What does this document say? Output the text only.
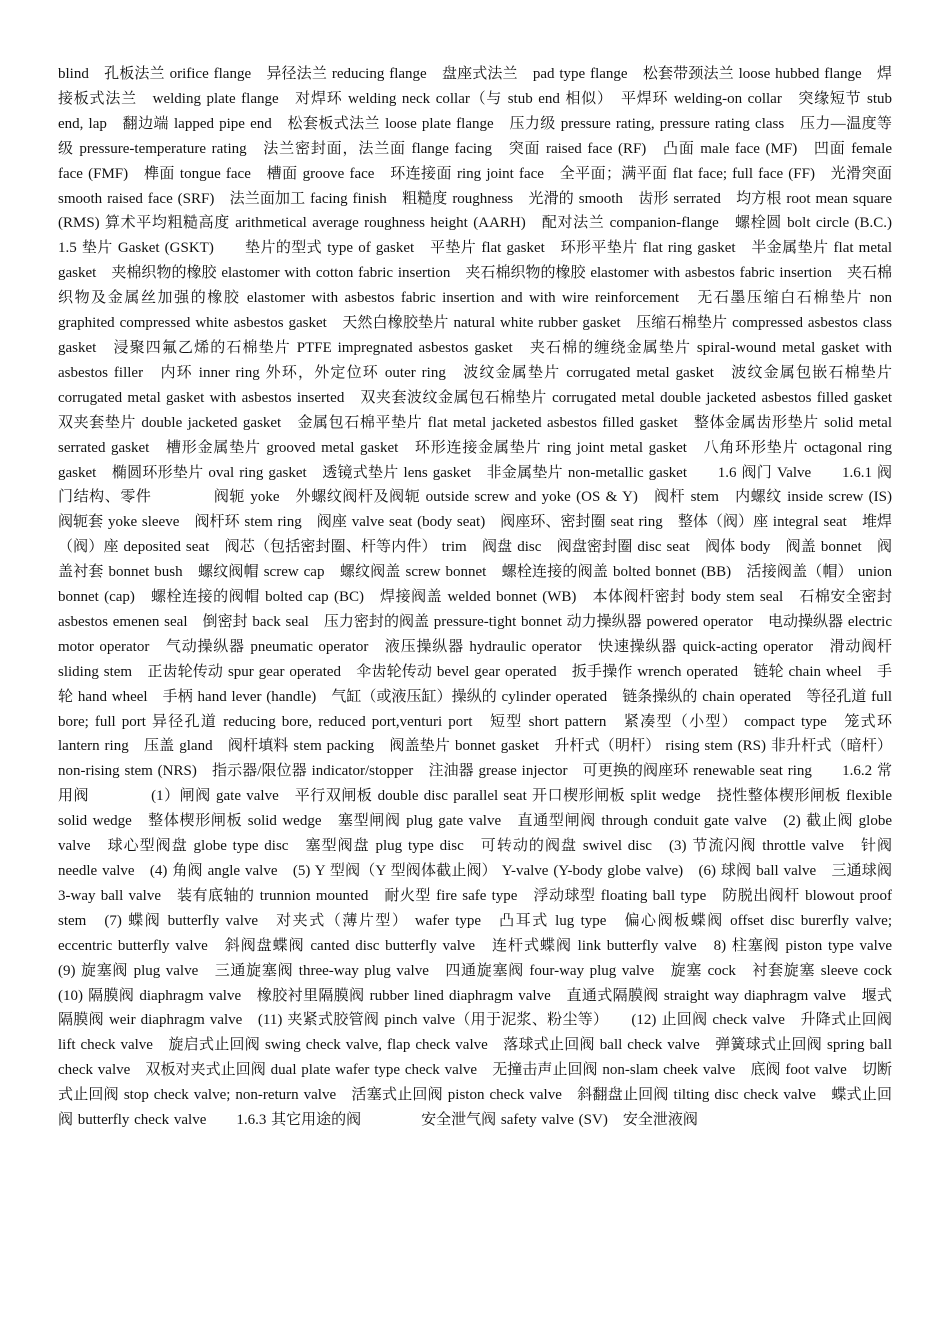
blind　孔板法兰 orifice flange　异径法兰 reducing flange　盘座式法兰　pad type flange　松套带颈法兰 loose hubbed flange　焊接板式法兰　welding plate flange　对焊环 welding neck collar（与 stub end 相似）　平焊环 welding-on collar　突缘短节 stub end, lap　翻边端 lapped pipe end　松套板式法兰 loose plate flange　压力级 pressure rating, pressure rating class　压力—温度等级 pressure-temperature rating　法兰密封面，法兰面 flange facing　突面 raised face (RF)　凸面 male face (MF)　凹面 female face (FMF)　榫面 tongue face　槽面 groove face　环连接面 ring joint face　全平面；满平面 flat face; full face (FF)　光滑突面 smooth raised face (SRF)　法兰面加工 facing finish　粗糙度 roughness　光滑的 smooth　齿形 serrated　均方根 root mean square (RMS) 算术平均粗糙高度 arithmetical average roughness height (AARH)　配对法兰 companion-flange　螺栓圆 bolt circle (B.C.)　　1.5 垫片 Gasket (GSKT)　　垫片的型式 type of gasket　平垫片 flat gasket　环形平垫片 flat ring gasket　半金属垫片 flat metal gasket　夹棉织物的橡胶 elastomer with cotton fabric insertion　夹石棉织物的橡胶 elastomer with asbestos fabric insertion　夹石棉织物及金属丝加强的橡胶 elastomer with asbestos fabric insertion and with wire reinforcement　无石墨压缩白石棉垫片 non graphited compressed white asbestos gasket　天然白橡胶垫片 natural white rubber gasket　压缩石棉垫片 compressed asbestos class gasket　浸聚四氟乙烯的石棉垫片 PTFE impregnated asbestos gasket　夹石棉的缠绕金属垫片 spiral-wound metal gasket with asbestos filler　内环 inner ring 外环，外定位环 outer ring　波纹金属垫片 corrugated metal gasket　波纹金属包嵌石棉垫片 corrugated metal gasket with asbestos inserted　双夹套波纹金属包石棉垫片 corrugated metal double jacketed asbestos filled gasket　双夹套垫片 double jacketed gasket　金属包石棉平垫片 flat metal jacketed asbestos filled gasket　整体金属齿形垫片 solid metal serrated gasket　槽形金属垫片 grooved metal gasket　环形连接金属垫片 ring joint metal gasket　八角环形垫片 octagonal ring gasket　椭圆环形垫片 oval ring gasket　透镜式垫片 lens gasket　非金属垫片 non-metallic gasket　　1.6 阀门 Valve　　1.6.1 阀门结构、零件　　　　阀轭 yoke　外螺纹阀杆及阀轭 outside screw and yoke (OS & Y)　阀杆 stem　内螺纹 inside screw (IS)　阀轭套 yoke sleeve　阀杆环 stem ring　阀座 valve seat (body seat)　阀座环、密封圈 seat ring　整体（阀）座 integral seat　堆焊（阀）座 deposited seat　阀芯（包括密封圈、杆等内件） trim　阀盘 disc　阀盘密封圈 disc seat　阀体 body　阀盖 bonnet　阀盖衬套 bonnet bush　螺纹阀帽 screw cap　螺纹阀盖 screw bonnet　螺栓连接的阀盖 bolted bonnet (BB)　活接阀盖（帽） union bonnet (cap)　螺栓连接的阀帽 bolted cap (BC)　焊接阀盖 welded bonnet (WB)　本体阀杆密封 body stem seal　石棉安全密封 asbestos emenen seal　倒密封 back seal　压力密封的阀盖 pressure-tight bonnet 动力操纵器 powered operator　电动操纵器 electric motor operator　气动操纵器 pneumatic operator　液压操纵器 hydraulic operator　快速操纵器 quick-acting operator　滑动阀杆 sliding stem　正齿轮传动 spur gear operated　伞齿轮传动 bevel gear operated　扳手操作 wrench operated　链轮 chain wheel　手轮 hand wheel　手柄 hand lever (handle)　气缸（或液压缸）操纵的 cylinder operated　链条操纵的 chain operated　等径孔道 full bore; full port 异径孔道 reducing bore, reduced port,venturi port　短型 short pattern　紧凑型（小型） compact type　笼式环 lantern ring　压盖 gland　阀杆填料 stem packing　阀盖垫片 bonnet gasket　升杆式（明杆） rising stem (RS) 非升杆式（暗杆） non-rising stem (NRS)　指示器/限位器 indicator/stopper　注油器 grease injector　可更换的阀座环 renewable seat ring　　1.6.2 常用阀　　　　(1）闸阀 gate valve　平行双闸板 double disc parallel seat 开口楔形闸板 split wedge　挠性整体楔形闸板 flexible solid wedge　整体楔形闸板 solid wedge　塞型闸阀 plug gate valve　直通型闸阀 through conduit gate valve　(2) 截止阀 globe valve　球心型阀盘 globe type disc　塞型阀盘 plug type disc　可转动的阀盘 swivel disc　(3) 节流闪阀 throttle valve　针阀 needle valve　(4) 角阀 angle valve　(5) Y 型阀（Y 型阀体截止阀） Y-valve (Y-body globe valve)　(6) 球阀 ball valve　三通球阀 3-way ball valve　装有底轴的 trunnion mounted　耐火型 fire safe type　浮动球型 floating ball type　防脱出阀杆 blowout proof stem　(7) 蝶阀 butterfly valve　对夹式（薄片型） wafer type　凸耳式 lug type　偏心阀板蝶阀 offset disc burerfly valve; eccentric butterfly valve　斜阀盘蝶阀 canted disc butterfly valve　连杆式蝶阀 link butterfly valve　8) 柱塞阀 piston type valve　(9) 旋塞阀 plug valve　三通旋塞阀 three-way plug valve　四通旋塞阀 four-way plug valve　旋塞 cock　衬套旋塞 sleeve cock　(10) 隔膜阀 diaphragm valve　橡胶衬里隔膜阀 rubber lined diaphragm valve　直通式隔膜阀 straight way diaphragm valve　堰式隔膜阀 weir diaphragm valve　(11) 夹紧式胶管阀 pinch valve（用于泥浆、粉尘等）　　(12) 止回阀 check valve　升降式止回阀 lift check valve　旋启式止回阀 swing check valve, flap check valve　落球式止回阀 ball check valve　弹簧球式止回阀 spring ball check valve　双板对夹式止回阀 dual plate wafer type check valve　无撞击声止回阀 non-slam cheek valve　底阀 foot valve　切断式止回阀 stop check valve; non-return valve　活塞式止回阀 piston check valve　斜翻盘止回阀 tilting disc check valve　蝶式止回阀 butterfly check valve　　1.6.3 其它用途的阀　　　　安全泄气阀 safety valve (SV)　安全泄液阀
